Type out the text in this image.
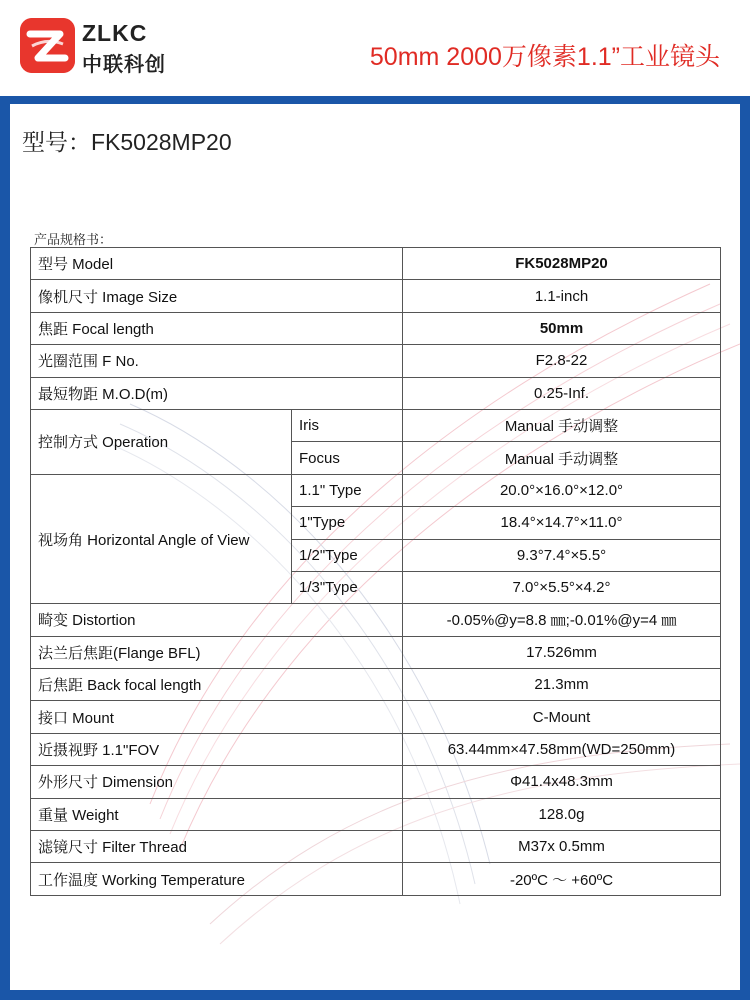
ZLKC
中联科创	50mm 2000万像素1.1”工业镜头
型号：FK5028MP20
产品规格书：
型号 Model		FK5028MP20
像机尺寸 Image Size		1.1-inch
焦距 Focal length		50mm
光圈范围 F No.		F2.8-22
最短物距 M.O.D(m)		0.25-Inf.
控制方式 Operation	Iris	Manual 手动调整
	Focus	Manual 手动调整
视场角 Horizontal Angle of View	1.1" Type	20.0°×16.0°×12.0°
	1"Type	18.4°×14.7°×11.0°
	1/2"Type	9.3°7.4°×5.5°
	1/3"Type	7.0°×5.5°×4.2°
畸变 Distortion		-0.05%@y=8.8 ㎜;-0.01%@y=4 ㎜
法兰后焦距(Flange BFL)		17.526mm
后焦距 Back focal length		21.3mm
接口 Mount		C-Mount
近摄视野 1.1"FOV		63.44mm×47.58mm(WD=250mm)
外形尺寸 Dimension		Φ41.4x48.3mm
重量 Weight		128.0g
滤镜尺寸 Filter Thread		M37x 0.5mm
工作温度 Working Temperature		-20ºC ～ +60ºC
